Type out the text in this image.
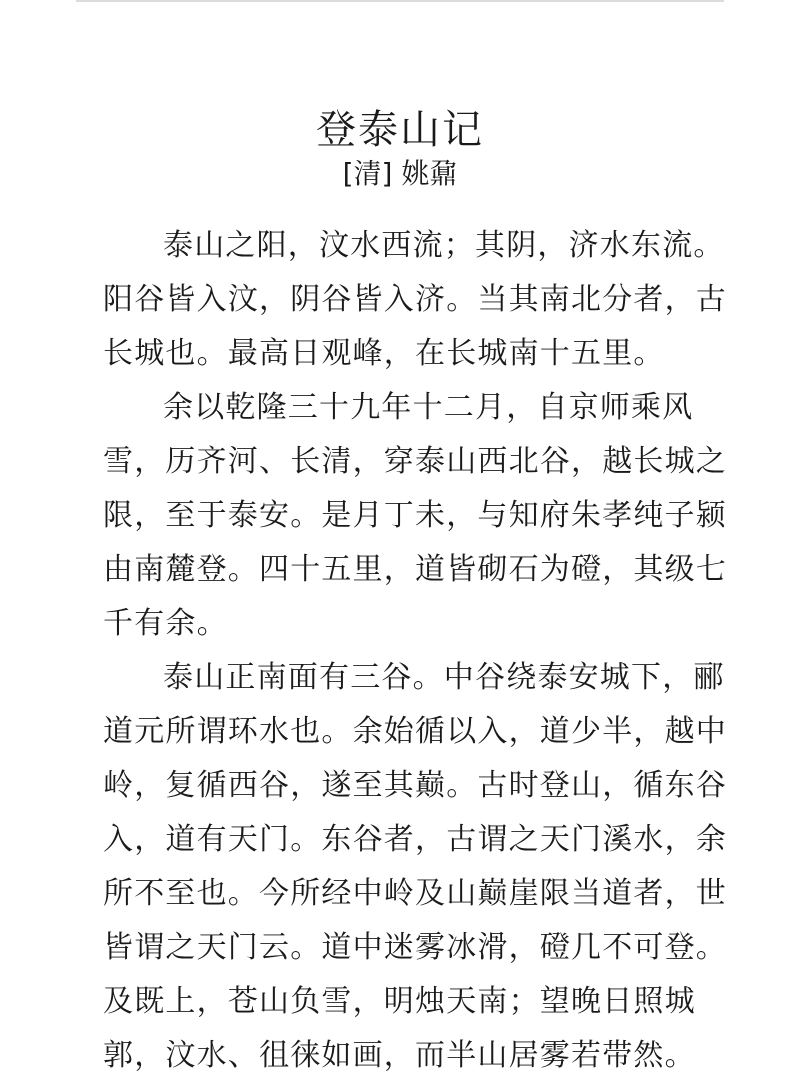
登泰山记
[清] 姚鼐

泰山之阳，汶水西流；其阴，济水东流。
阳谷皆入汶，阴谷皆入济。当其南北分者，古
长城也。最高日观峰，在长城南十五里。

余以乾隆三十九年十二月，自京师乘风
雪，历齐河、长清，穿泰山西北谷，越长城之
限，至于泰安。是月丁未，与知府朱孝纯子颍
由南麓登。四十五里，道皆砌石为磴，其级七
千有余。

泰山正南面有三谷。中谷绕泰安城下，郦
道元所谓环水也。余始循以入，道少半，越中
岭，复循西谷，遂至其巅。古时登山，循东谷
入，道有天门。东谷者，古谓之天门溪水，余
所不至也。今所经中岭及山巅崖限当道者，世
皆谓之天门云。道中迷雾冰滑，磴几不可登。
及既上，苍山负雪，明烛天南；望晚日照城
郭，汶水、徂徕如画，而半山居雾若带然。
